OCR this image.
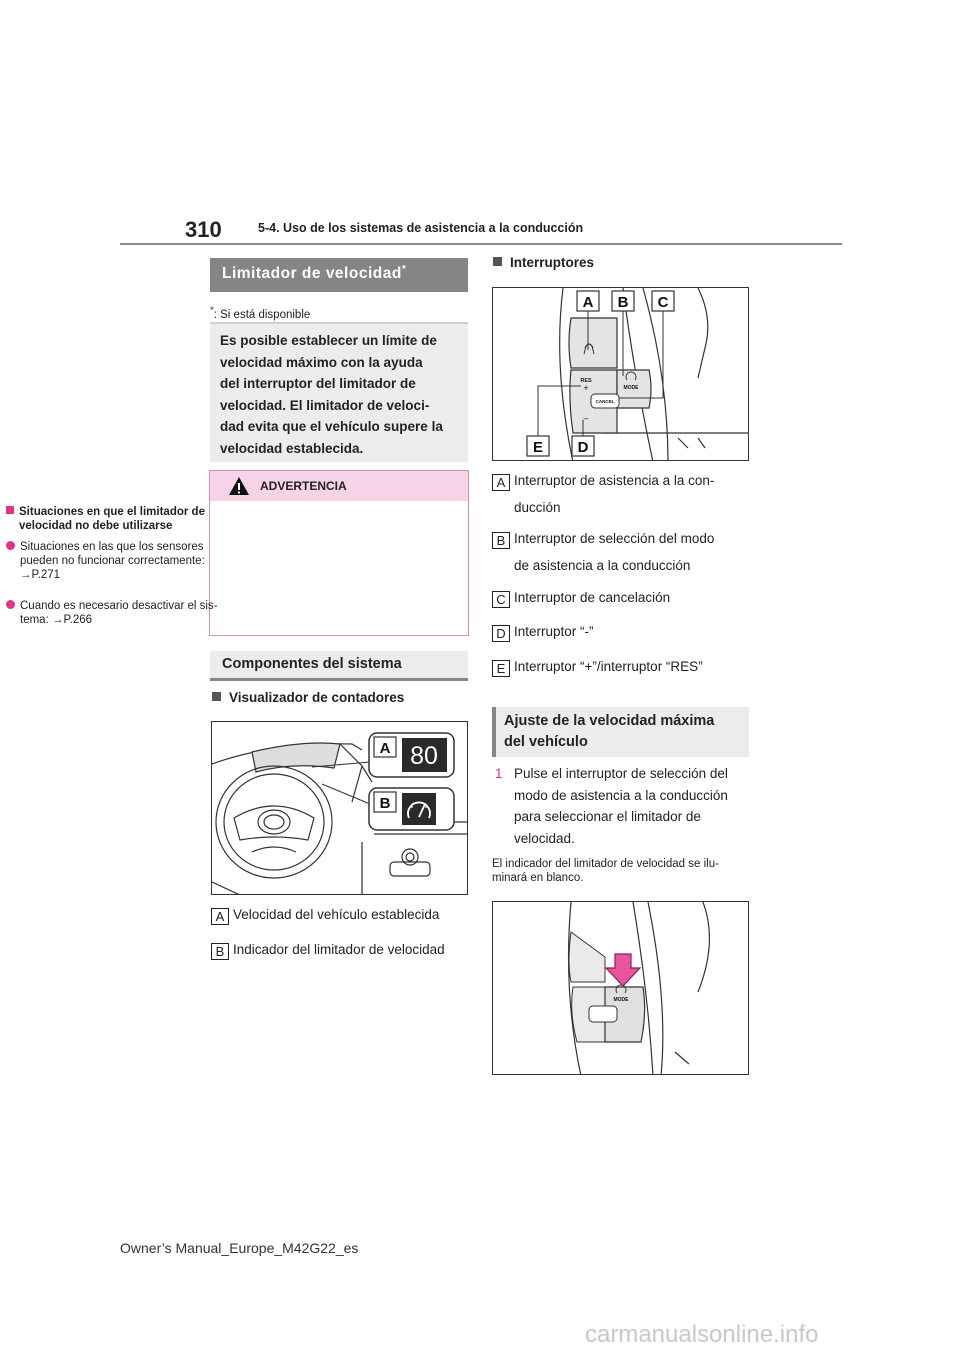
310	5-4. Uso de los sistemas de asistencia a la conducción
Limitador de velocidad*
*: Si está disponible
Es posible establecer un límite de
velocidad máximo con la ayuda
del interruptor del limitador de
velocidad. El limitador de veloci-
dad evita que el vehículo supere la
velocidad establecida.
ADVERTENCIA
Situaciones en que el limitador de velocidad no debe utilizarse
Situaciones en las que los sensores pueden no funcionar correctamente: →P.271
Cuando es necesario desactivar el sis-tema: →P.266
Componentes del sistema
Visualizador de contadores
A 80
B
A Velocidad del vehículo establecida
B Indicador del limitador de velocidad
Interruptores
RES
+	MODE
CANCEL
–
A B C
E D
A Interruptor de asistencia a la con-
ducción
B Interruptor de selección del modo
de asistencia a la conducción
C Interruptor de cancelación
D Interruptor “-”
E Interruptor “+”/interruptor “RES”
Ajuste de la velocidad máxima
del vehículo
1 Pulse el interruptor de selección del
modo de asistencia a la conducción
para seleccionar el limitador de
velocidad.
El indicador del limitador de velocidad se ilu-minará en blanco.
MODE
Owner’s Manual_Europe_M42G22_es
carmanualsonline.info
